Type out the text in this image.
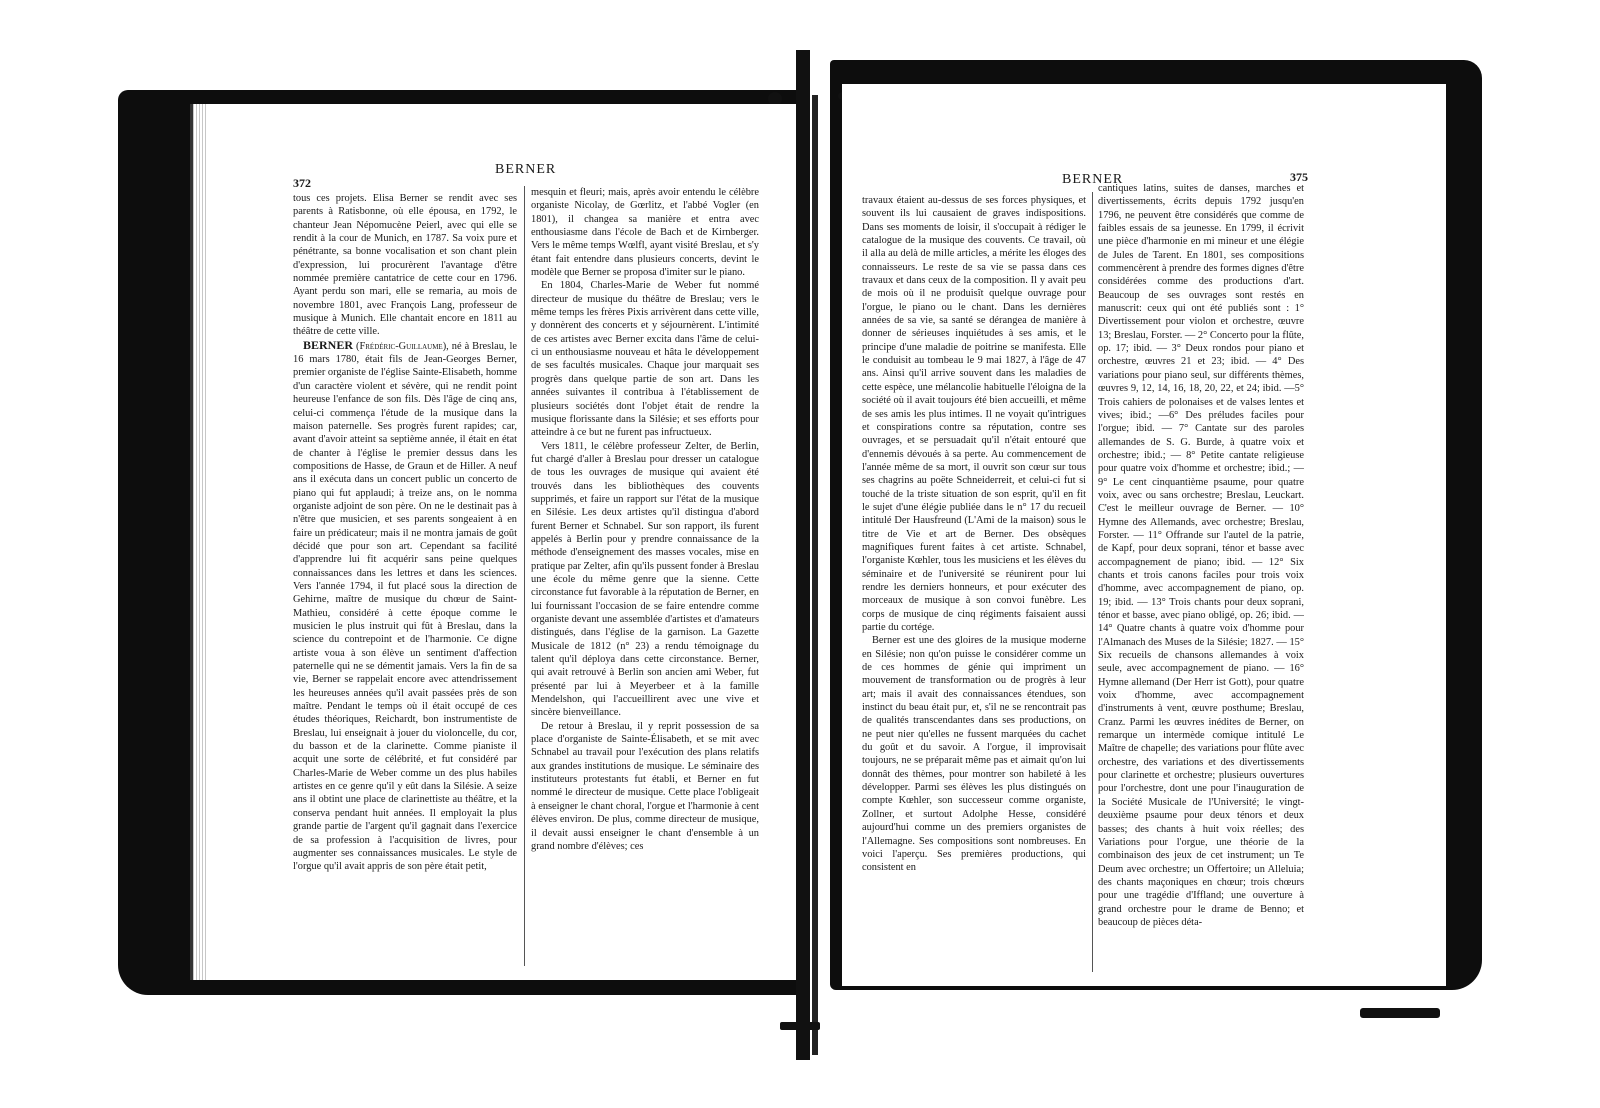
372
BERNER

tous ces projets. Elisa Berner se rendit avec ses parents à Ratisbonne, où elle épousa, en 1792, le chanteur Jean Népomucène Peierl, avec qui elle se rendit à la cour de Munich, en 1787. Sa voix pure et pénétrante, sa bonne vocalisation et son chant plein d'expression, lui procurèrent l'avantage d'être nommée première cantatrice de cette cour en 1796. Ayant perdu son mari, elle se remaria, au mois de novembre 1801, avec François Lang, professeur de musique à Munich. Elle chantait encore en 1811 au théâtre de cette ville.

BERNER (Frédéric-Guillaume), né à Breslau, le 16 mars 1780, était fils de Jean-Georges Berner, premier organiste de l'église Sainte-Elisabeth, homme d'un caractère violent et sévère, qui ne rendit point heureuse l'enfance de son fils. Dès l'âge de cinq ans, celui-ci commença l'étude de la musique dans la maison paternelle. Ses progrès furent rapides; car, avant d'avoir atteint sa septième année, il était en état de chanter à l'église le premier dessus dans les compositions de Hasse, de Graun et de Hiller. A neuf ans il exécuta dans un concert public un concerto de piano qui fut applaudi; à treize ans, on le nomma organiste adjoint de son père. On ne le destinait pas à n'être que musicien, et ses parents songeaient à en faire un prédicateur; mais il ne montra jamais de goût décidé que pour son art. Cependant sa facilité d'apprendre lui fit acquérir sans peine quelques connaissances dans les lettres et dans les sciences. Vers l'année 1794, il fut placé sous la direction de Gehirne, maître de musique du chœur de Saint-Mathieu, considéré à cette époque comme le musicien le plus instruit qui fût à Breslau, dans la science du contrepoint et de l'harmonie. Ce digne artiste voua à son élève un sentiment d'affection paternelle qui ne se démentit jamais. Vers la fin de sa vie, Berner se rappelait encore avec attendrissement les heureuses années qu'il avait passées près de son maître. Pendant le temps où il était occupé de ces études théoriques, Reichardt, bon instrumentiste de Breslau, lui enseignait à jouer du violoncelle, du cor, du basson et de la clarinette. Comme pianiste il acquit une sorte de célébrité, et fut considéré par Charles-Marie de Weber comme un des plus habiles artistes en ce genre qu'il y eût dans la Silésie. A seize ans il obtint une place de clarinettiste au théâtre, et la conserva pendant huit années. Il employait la plus grande partie de l'argent qu'il gagnait dans l'exercice de sa profession à l'acquisition de livres, pour augmenter ses connaissances musicales. Le style de l'orgue qu'il avait appris de son père était petit,

mesquin et fleuri; mais, après avoir entendu le célèbre organiste Nicolay, de Gœrlitz, et l'abbé Vogler (en 1801), il changea sa manière et entra avec enthousiasme dans l'école de Bach et de Kirnberger. Vers le même temps Wœlfl, ayant visité Breslau, et s'y étant fait entendre dans plusieurs concerts, devint le modèle que Berner se proposa d'imiter sur le piano.

En 1804, Charles-Marie de Weber fut nommé directeur de musique du théâtre de Breslau; vers le même temps les frères Pixis arrivèrent dans cette ville, y donnèrent des concerts et y séjournèrent. L'intimité de ces artistes avec Berner excita dans l'âme de celui-ci un enthousiasme nouveau et hâta le développement de ses facultés musicales. Chaque jour marquait ses progrès dans quelque partie de son art. Dans les années suivantes il contribua à l'établissement de plusieurs sociétés dont l'objet était de rendre la musique florissante dans la Silésie; et ses efforts pour atteindre à ce but ne furent pas infructueux.

Vers 1811, le célèbre professeur Zelter, de Berlin, fut chargé d'aller à Breslau pour dresser un catalogue de tous les ouvrages de musique qui avaient été trouvés dans les bibliothèques des couvents supprimés, et faire un rapport sur l'état de la musique en Silésie. Les deux artistes qu'il distingua d'abord furent Berner et Schnabel. Sur son rapport, ils furent appelés à Berlin pour y prendre connaissance de la méthode d'enseignement des masses vocales, mise en pratique par Zelter, afin qu'ils pussent fonder à Breslau une école du même genre que la sienne. Cette circonstance fut favorable à la réputation de Berner, en lui fournissant l'occasion de se faire entendre comme organiste devant une assemblée d'artistes et d'amateurs distingués, dans l'église de la garnison. La Gazette Musicale de 1812 (n° 23) a rendu témoignage du talent qu'il déploya dans cette circonstance. Berner, qui avait retrouvé à Berlin son ancien ami Weber, fut présenté par lui à Meyerbeer et à la famille Mendelshon, qui l'accueillirent avec une vive et sincère bienveillance.

De retour à Breslau, il y reprit possession de sa place d'organiste de Sainte-Élisabeth, et se mit avec Schnabel au travail pour l'exécution des plans relatifs aux grandes institutions de musique. Le séminaire des instituteurs protestants fut établi, et Berner en fut nommé le directeur de musique. Cette place l'obligeait à enseigner le chant choral, l'orgue et l'harmonie à cent élèves environ. De plus, comme directeur de musique, il devait aussi enseigner le chant d'ensemble à un grand nombre d'élèves; ces

BERNER	375

travaux étaient au-dessus de ses forces physiques, et souvent ils lui causaient de graves indispositions. Dans ses moments de loisir, il s'occupait à rédiger le catalogue de la musique des couvents. Ce travail, où il alla au delà de mille articles, a mérite les éloges des connaisseurs. Le reste de sa vie se passa dans ces travaux et dans ceux de la composition. Il y avait peu de mois où il ne produisît quelque ouvrage pour l'orgue, le piano ou le chant. Dans les dernières années de sa vie, sa santé se dérangea de manière à donner de sérieuses inquiétudes à ses amis, et le principe d'une maladie de poitrine se manifesta. Elle le conduisit au tombeau le 9 mai 1827, à l'âge de 47 ans. Ainsi qu'il arrive souvent dans les maladies de cette espèce, une mélancolie habituelle l'éloigna de la société où il avait toujours été bien accueilli, et même de ses amis les plus intimes. Il ne voyait qu'intrigues et conspirations contre sa réputation, contre ses ouvrages, et se persuadait qu'il n'était entouré que d'ennemis dévoués à sa perte. Au commencement de l'année même de sa mort, il ouvrit son cœur sur tous ses chagrins au poëte Schneiderreit, et celui-ci fut si touché de la triste situation de son esprit, qu'il en fit le sujet d'une élégie publiée dans le n° 17 du recueil intitulé Der Hausfreund (L'Ami de la maison) sous le titre de Vie et art de Berner. Des obsèques magnifiques furent faites à cet artiste. Schnabel, l'organiste Kœhler, tous les musiciens et les élèves du séminaire et de l'université se réunirent pour lui rendre les derniers honneurs, et pour exécuter des morceaux de musique à son convoi funèbre. Les corps de musique de cinq régiments faisaient aussi partie du cortége.

Berner est une des gloires de la musique moderne en Silésie; non qu'on puisse le considérer comme un de ces hommes de génie qui impriment un mouvement de transformation ou de progrès à leur art; mais il avait des connaissances étendues, son instinct du beau était pur, et, s'il ne se rencontrait pas de qualités transcendantes dans ses productions, on ne peut nier qu'elles ne fussent marquées du cachet du goût et du savoir. A l'orgue, il improvisait toujours, ne se préparait même pas et aimait qu'on lui donnât des thèmes, pour montrer son habileté à les développer. Parmi ses élèves les plus distingués on compte Kœhler, son successeur comme organiste, Zollner, et surtout Adolphe Hesse, considéré aujourd'hui comme un des premiers organistes de l'Allemagne. Ses compositions sont nombreuses. En voici l'aperçu. Ses premières productions, qui consistent en

cantiques latins, suites de danses, marches et divertissements, écrits depuis 1792 jusqu'en 1796, ne peuvent être considérés que comme de faibles essais de sa jeunesse. En 1799, il écrivit une pièce d'harmonie en mi mineur et une élégie de Jules de Tarent. En 1801, ses compositions commencèrent à prendre des formes dignes d'être considérées comme des productions d'art. Beaucoup de ses ouvrages sont restés en manuscrit: ceux qui ont été publiés sont : 1° Divertissement pour violon et orchestre, œuvre 13; Breslau, Forster. — 2° Concerto pour la flûte, op. 17; ibid. — 3° Deux rondos pour piano et orchestre, œuvres 21 et 23; ibid. — 4° Des variations pour piano seul, sur différents thèmes, œuvres 9, 12, 14, 16, 18, 20, 22, et 24; ibid. —5° Trois cahiers de polonaises et de valses lentes et vives; ibid.; —6° Des préludes faciles pour l'orgue; ibid. — 7° Cantate sur des paroles allemandes de S. G. Burde, à quatre voix et orchestre; ibid.; — 8° Petite cantate religieuse pour quatre voix d'homme et orchestre; ibid.; — 9° Le cent cinquantième psaume, pour quatre voix, avec ou sans orchestre; Breslau, Leuckart. C'est le meilleur ouvrage de Berner. — 10° Hymne des Allemands, avec orchestre; Breslau, Forster. — 11° Offrande sur l'autel de la patrie, de Kapf, pour deux soprani, ténor et basse avec accompagnement de piano; ibid. — 12° Six chants et trois canons faciles pour trois voix d'homme, avec accompagnement de piano, op. 19; ibid. — 13° Trois chants pour deux soprani, ténor et basse, avec piano obligé, op. 26; ibid. — 14° Quatre chants à quatre voix d'homme pour l'Almanach des Muses de la Silésie; 1827. — 15° Six recueils de chansons allemandes à voix seule, avec accompagnement de piano. — 16° Hymne allemand (Der Herr ist Gott), pour quatre voix d'homme, avec accompagnement d'instruments à vent, œuvre posthume; Breslau, Cranz. Parmi les œuvres inédites de Berner, on remarque un intermède comique intitulé Le Maître de chapelle; des variations pour flûte avec orchestre, des variations et des divertissements pour clarinette et orchestre; plusieurs ouvertures pour l'orchestre, dont une pour l'inauguration de la Société Musicale de l'Université; le vingt-deuxième psaume pour deux ténors et deux basses; des chants à huit voix réelles; des Variations pour l'orgue, une théorie de la combinaison des jeux de cet instrument; un Te Deum avec orchestre; un Offertoire; un Alleluia; des chants maçoniques en chœur; trois chœurs pour une tragédie d'Iffland; une ouverture à grand orchestre pour le drame de Benno; et beaucoup de pièces déta-
